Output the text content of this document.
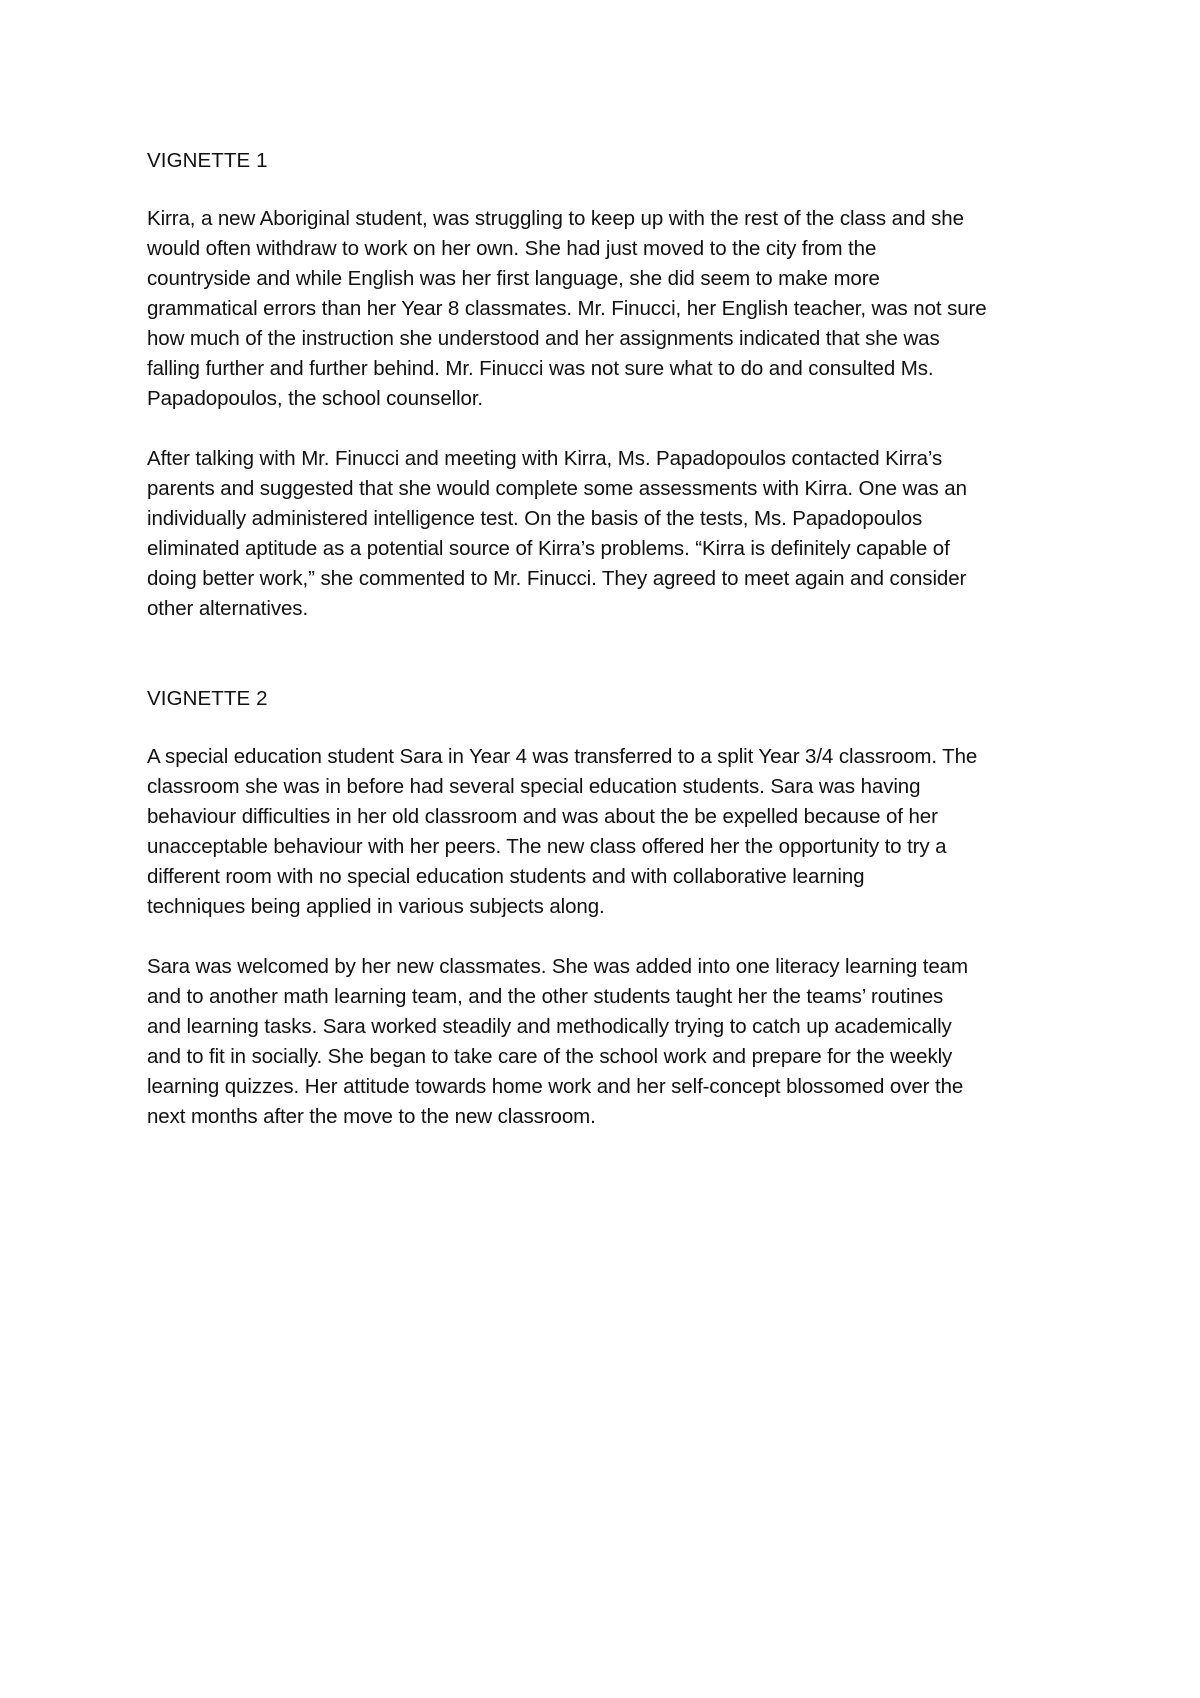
VIGNETTE 1

Kirra, a new Aboriginal student, was struggling to keep up with the rest of the class and she
would often withdraw to work on her own. She had just moved to the city from the
countryside and while English was her first language, she did seem to make more
grammatical errors than her Year 8 classmates. Mr. Finucci, her English teacher, was not sure
how much of the instruction she understood and her assignments indicated that she was
falling further and further behind. Mr. Finucci was not sure what to do and consulted Ms.
Papadopoulos, the school counsellor.

After talking with Mr. Finucci and meeting with Kirra, Ms. Papadopoulos contacted Kirra’s
parents and suggested that she would complete some assessments with Kirra. One was an
individually administered intelligence test. On the basis of the tests, Ms. Papadopoulos
eliminated aptitude as a potential source of Kirra’s problems. “Kirra is definitely capable of
doing better work,” she commented to Mr. Finucci. They agreed to meet again and consider
other alternatives.

VIGNETTE 2

A special education student Sara in Year 4 was transferred to a split Year 3/4 classroom. The
classroom she was in before had several special education students. Sara was having
behaviour difficulties in her old classroom and was about the be expelled because of her
unacceptable behaviour with her peers. The new class offered her the opportunity to try a
different room with no special education students and with collaborative learning
techniques being applied in various subjects along.

Sara was welcomed by her new classmates. She was added into one literacy learning team
and to another math learning team, and the other students taught her the teams’ routines
and learning tasks. Sara worked steadily and methodically trying to catch up academically
and to fit in socially. She began to take care of the school work and prepare for the weekly
learning quizzes. Her attitude towards home work and her self-concept blossomed over the
next months after the move to the new classroom.
